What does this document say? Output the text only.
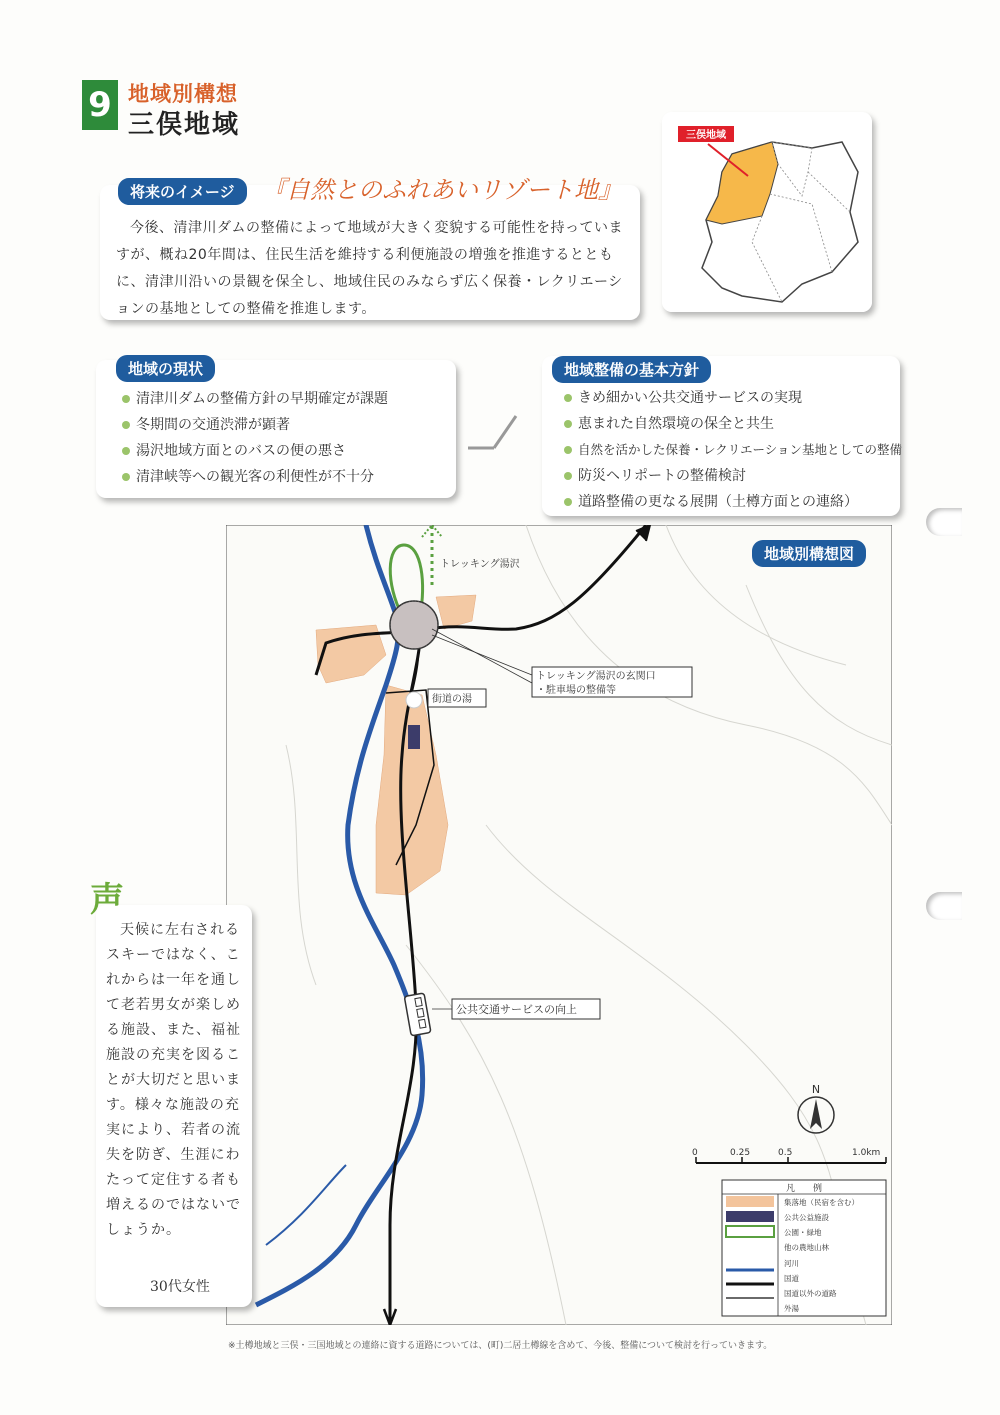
9 地域別構想
三俣地域
将来のイメージ	『自然とのふれあいリゾート地』
今後、清津川ダムの整備によって地域が大きく変貌する可能性を持っていますが、概ね20年間は、住民生活を維持する利便施設の増強を推進するとともに、清津川沿いの景観を保全し、地域住民のみならず広く保養・レクリエーションの基地としての整備を推進します。
三俣地域
地域の現状
清津川ダムの整備方針の早期確定が課題
冬期間の交通渋滞が顕著
湯沢地域方面とのバスの便の悪さ
清津峡等への観光客の利便性が不十分
地域整備の基本方針
きめ細かい公共交通サービスの実現
恵まれた自然環境の保全と共生
自然を活かした保養・レクリエーション基地としての整備
防災ヘリポートの整備検討
道路整備の更なる展開（土樽方面との連絡）
トレッキング湯沢
トレッキング湯沢の玄関口
・駐車場の整備等
街道の湯
公共交通サービスの向上
N
0	0.25	0.5	1.0km
凡　　例
集落地（民宿を含む）
公共公益施設
公園・緑地
他の農地山林
河川
国道
国道以外の道路
外湯
地域別構想図
声
天候に左右されるスキーではなく、これからは一年を通して老若男女が楽しめる施設、また、福祉施設の充実を図ることが大切だと思います。様々な施設の充実により、若者の流失を防ぎ、生涯にわたって定住する者も増えるのではないでしょうか。
30代女性
※土樽地域と三俣・三国地域との連絡に資する道路については、(町)二居土樽線を含めて、今後、整備について検討を行っていきます。
